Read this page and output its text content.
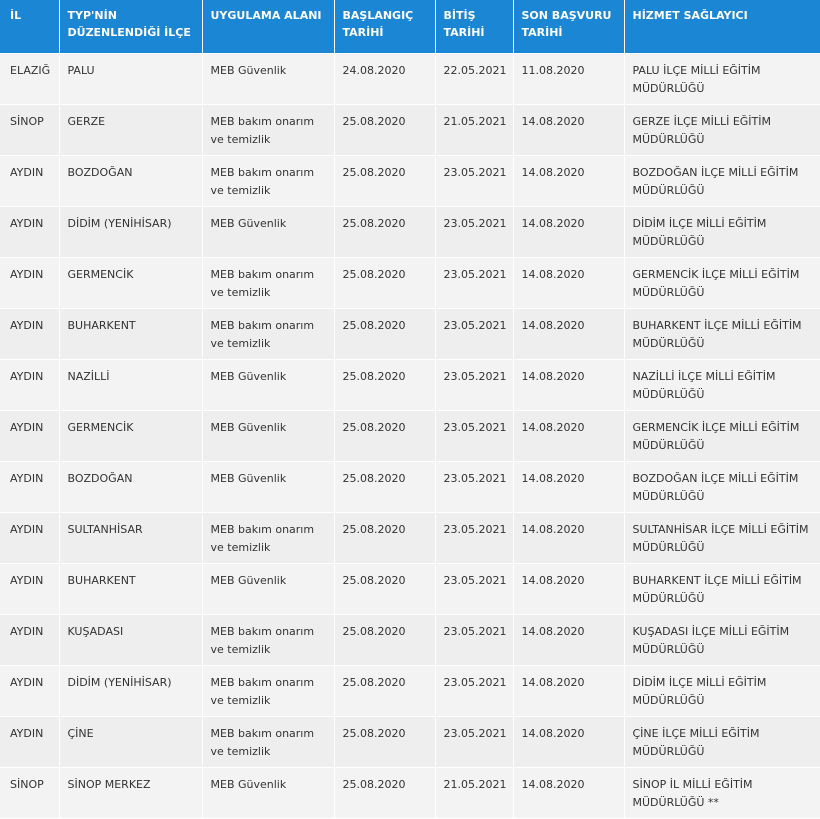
İL	TYP'NİN DÜZENLENDİĞİ İLÇE	UYGULAMA ALANI	BAŞLANGIÇ TARİHİ	BİTİŞ TARİHİ	SON BAŞVURU TARİHİ	HİZMET SAĞLAYICI
ELAZIĞ	PALU	MEB Güvenlik	24.08.2020	22.05.2021	11.08.2020	PALU İLÇE MİLLİ EĞİTİM MÜDÜRLÜĞÜ
SİNOP	GERZE	MEB bakım onarım ve temizlik	25.08.2020	21.05.2021	14.08.2020	GERZE İLÇE MİLLİ EĞİTİM MÜDÜRLÜĞÜ
AYDIN	BOZDOĞAN	MEB bakım onarım ve temizlik	25.08.2020	23.05.2021	14.08.2020	BOZDOĞAN İLÇE MİLLİ EĞİTİM MÜDÜRLÜĞÜ
AYDIN	DİDİM (YENİHİSAR)	MEB Güvenlik	25.08.2020	23.05.2021	14.08.2020	DİDİM İLÇE MİLLİ EĞİTİM MÜDÜRLÜĞÜ
AYDIN	GERMENCİK	MEB bakım onarım ve temizlik	25.08.2020	23.05.2021	14.08.2020	GERMENCİK İLÇE MİLLİ EĞİTİM MÜDÜRLÜĞÜ
AYDIN	BUHARKENT	MEB bakım onarım ve temizlik	25.08.2020	23.05.2021	14.08.2020	BUHARKENT İLÇE MİLLİ EĞİTİM MÜDÜRLÜĞÜ
AYDIN	NAZİLLİ	MEB Güvenlik	25.08.2020	23.05.2021	14.08.2020	NAZİLLİ İLÇE MİLLİ EĞİTİM MÜDÜRLÜĞÜ
AYDIN	GERMENCİK	MEB Güvenlik	25.08.2020	23.05.2021	14.08.2020	GERMENCİK İLÇE MİLLİ EĞİTİM MÜDÜRLÜĞÜ
AYDIN	BOZDOĞAN	MEB Güvenlik	25.08.2020	23.05.2021	14.08.2020	BOZDOĞAN İLÇE MİLLİ EĞİTİM MÜDÜRLÜĞÜ
AYDIN	SULTANHİSAR	MEB bakım onarım ve temizlik	25.08.2020	23.05.2021	14.08.2020	SULTANHİSAR İLÇE MİLLİ EĞİTİM MÜDÜRLÜĞÜ
AYDIN	BUHARKENT	MEB Güvenlik	25.08.2020	23.05.2021	14.08.2020	BUHARKENT İLÇE MİLLİ EĞİTİM MÜDÜRLÜĞÜ
AYDIN	KUŞADASI	MEB bakım onarım ve temizlik	25.08.2020	23.05.2021	14.08.2020	KUŞADASI İLÇE MİLLİ EĞİTİM MÜDÜRLÜĞÜ
AYDIN	DİDİM (YENİHİSAR)	MEB bakım onarım ve temizlik	25.08.2020	23.05.2021	14.08.2020	DİDİM İLÇE MİLLİ EĞİTİM MÜDÜRLÜĞÜ
AYDIN	ÇİNE	MEB bakım onarım ve temizlik	25.08.2020	23.05.2021	14.08.2020	ÇİNE İLÇE MİLLİ EĞİTİM MÜDÜRLÜĞÜ
SİNOP	SİNOP MERKEZ	MEB Güvenlik	25.08.2020	21.05.2021	14.08.2020	SİNOP İL MİLLİ EĞİTİM MÜDÜRLÜĞÜ **
